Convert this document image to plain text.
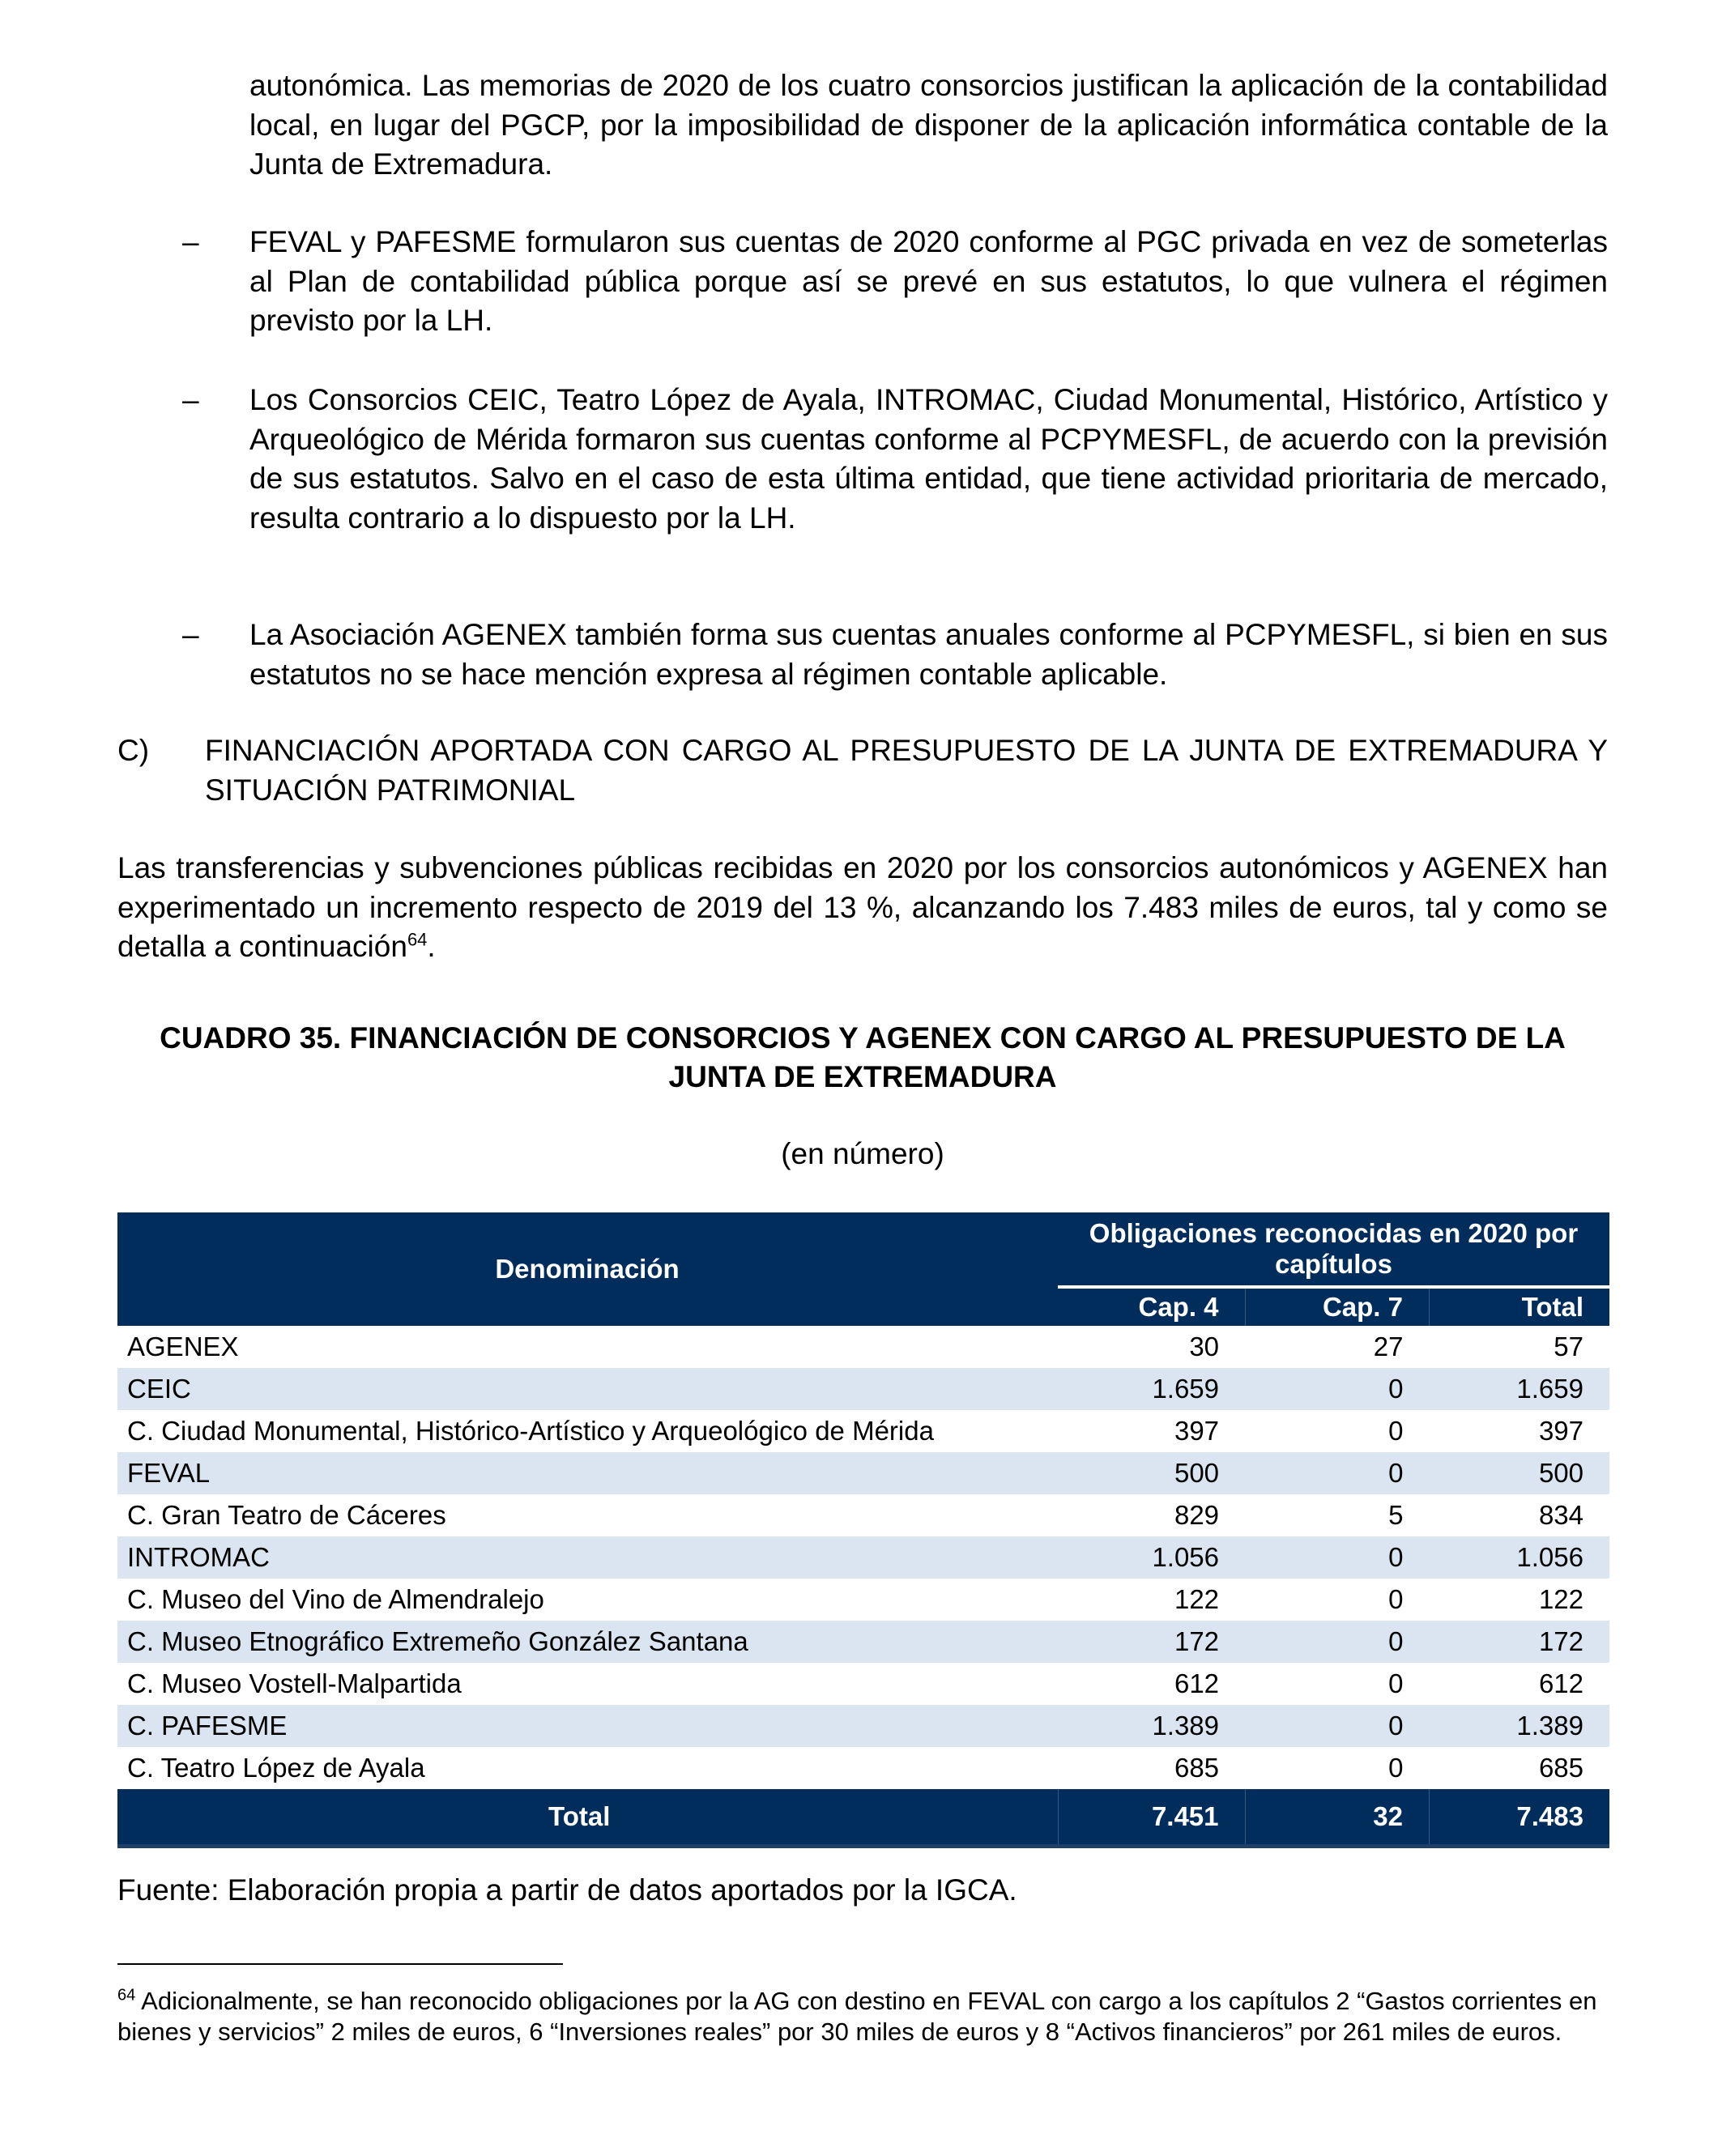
autonómica. Las memorias de 2020 de los cuatro consorcios justifican la aplicación de la contabilidad local, en lugar del PGCP, por la imposibilidad de disponer de la aplicación informática contable de la Junta de Extremadura.

– FEVAL y PAFESME formularon sus cuentas de 2020 conforme al PGC privada en vez de someterlas al Plan de contabilidad pública porque así se prevé en sus estatutos, lo que vulnera el régimen previsto por la LH.
– Los Consorcios CEIC, Teatro López de Ayala, INTROMAC, Ciudad Monumental, Histórico, Artístico y Arqueológico de Mérida formaron sus cuentas conforme al PCPYMESFL, de acuerdo con la previsión de sus estatutos. Salvo en el caso de esta última entidad, que tiene actividad prioritaria de mercado, resulta contrario a lo dispuesto por la LH.
– La Asociación AGENEX también forma sus cuentas anuales conforme al PCPYMESFL, si bien en sus estatutos no se hace mención expresa al régimen contable aplicable.
C) FINANCIACIÓN APORTADA CON CARGO AL PRESUPUESTO DE LA JUNTA DE EXTREMADURA Y SITUACIÓN PATRIMONIAL

Las transferencias y subvenciones públicas recibidas en 2020 por los consorcios autonómicos y AGENEX han experimentado un incremento respecto de 2019 del 13 %, alcanzando los 7.483 miles de euros, tal y como se detalla a continuación$^{64}$.

CUADRO 35. FINANCIACIÓN DE CONSORCIOS Y AGENEX CON CARGO AL PRESUPUESTO DE LA JUNTA DE EXTREMADURA
(en número)
Denominación	Obligaciones reconocidas en 2020 por capítulos		
	Cap. 4	Cap. 7	Total
AGENEX	30	27	57
CEIC	1.659	0	1.659
C. Ciudad Monumental, Histórico-Artístico y Arqueológico de Mérida	397	0	397
FEVAL	500	0	500
C. Gran Teatro de Cáceres	829	5	834
INTROMAC	1.056	0	1.056
C. Museo del Vino de Almendralejo	122	0	122
C. Museo Etnográfico Extremeño González Santana	172	0	172
C. Museo Vostell-Malpartida	612	0	612
C. PAFESME	1.389	0	1.389
C. Teatro López de Ayala	685	0	685
Total	7.451	32	7.483
Fuente: Elaboración propia a partir de datos aportados por la IGCA.
$^{64}$ Adicionalmente, se han reconocido obligaciones por la AG con destino en FEVAL con cargo a los capítulos 2 “Gastos corrientes en bienes y servicios” 2 miles de euros, 6 “Inversiones reales” por 30 miles de euros y 8 “Activos financieros” por 261 miles de euros.
